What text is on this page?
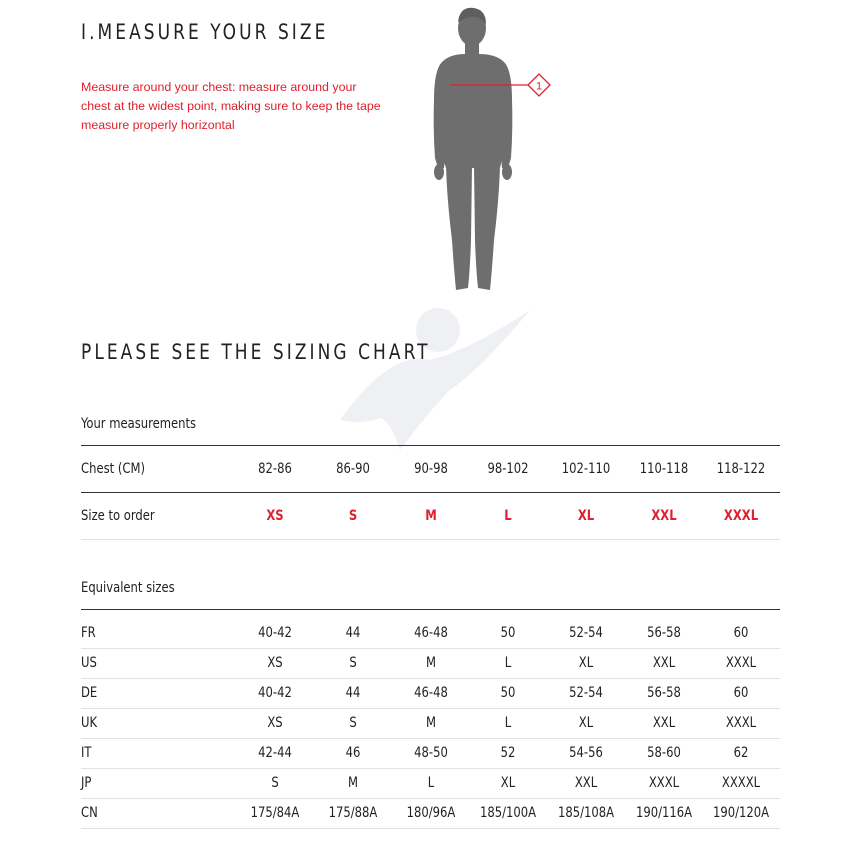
I.MEASURE YOUR SIZE
Measure around your chest: measure around your chest at the widest point, making sure to keep the tape measure properly horizontal
1
PLEASE SEE THE SIZING CHART
Your measurements
Chest (CM)	82-86	86-90	90-98	98-102	102-110	110-118	118-122
Size to order	XS	S	M	L	XL	XXL	XXXL
Equivalent sizes
FR	40-42	44	46-48	50	52-54	56-58	60
US	XS	S	M	L	XL	XXL	XXXL
DE	40-42	44	46-48	50	52-54	56-58	60
UK	XS	S	M	L	XL	XXL	XXXL
IT	42-44	46	48-50	52	54-56	58-60	62
JP	S	M	L	XL	XXL	XXXL	XXXXL
CN	175/84A	175/88A	180/96A	185/100A	185/108A	190/116A	190/120A
